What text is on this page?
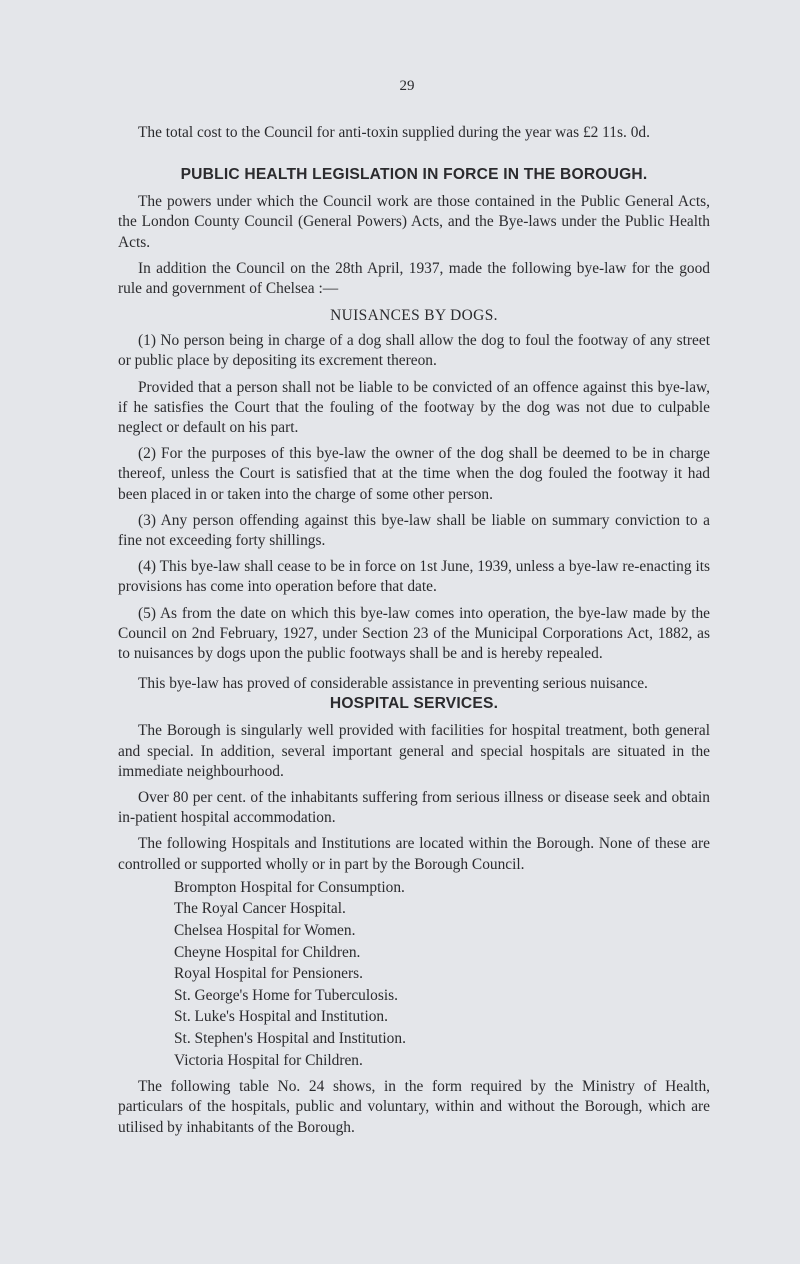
29

The total cost to the Council for anti-toxin supplied during the year was £2 11s. 0d.

PUBLIC HEALTH LEGISLATION IN FORCE IN THE BOROUGH.

The powers under which the Council work are those contained in the Public General Acts, the London County Council (General Powers) Acts, and the Bye-laws under the Public Health Acts.

In addition the Council on the 28th April, 1937, made the following bye-law for the good rule and government of Chelsea :—

NUISANCES BY DOGS.

(1) No person being in charge of a dog shall allow the dog to foul the footway of any street or public place by depositing its excrement thereon.

Provided that a person shall not be liable to be convicted of an offence against this bye-law, if he satisfies the Court that the fouling of the footway by the dog was not due to culpable neglect or default on his part.

(2) For the purposes of this bye-law the owner of the dog shall be deemed to be in charge thereof, unless the Court is satisfied that at the time when the dog fouled the footway it had been placed in or taken into the charge of some other person.

(3) Any person offending against this bye-law shall be liable on summary conviction to a fine not exceeding forty shillings.

(4) This bye-law shall cease to be in force on 1st June, 1939, unless a bye-law re-enacting its provisions has come into operation before that date.

(5) As from the date on which this bye-law comes into operation, the bye-law made by the Council on 2nd February, 1927, under Section 23 of the Municipal Corporations Act, 1882, as to nuisances by dogs upon the public footways shall be and is hereby repealed.

This bye-law has proved of considerable assistance in preventing serious nuisance.

HOSPITAL SERVICES.

The Borough is singularly well provided with facilities for hospital treatment, both general and special. In addition, several important general and special hospitals are situated in the immediate neighbourhood.

Over 80 per cent. of the inhabitants suffering from serious illness or disease seek and obtain in-patient hospital accommodation.

The following Hospitals and Institutions are located within the Borough. None of these are controlled or supported wholly or in part by the Borough Council.

Brompton Hospital for Consumption.
The Royal Cancer Hospital.
Chelsea Hospital for Women.
Cheyne Hospital for Children.
Royal Hospital for Pensioners.
St. George's Home for Tuberculosis.
St. Luke's Hospital and Institution.
St. Stephen's Hospital and Institution.
Victoria Hospital for Children.

The following table No. 24 shows, in the form required by the Ministry of Health, particulars of the hospitals, public and voluntary, within and without the Borough, which are utilised by inhabitants of the Borough.
